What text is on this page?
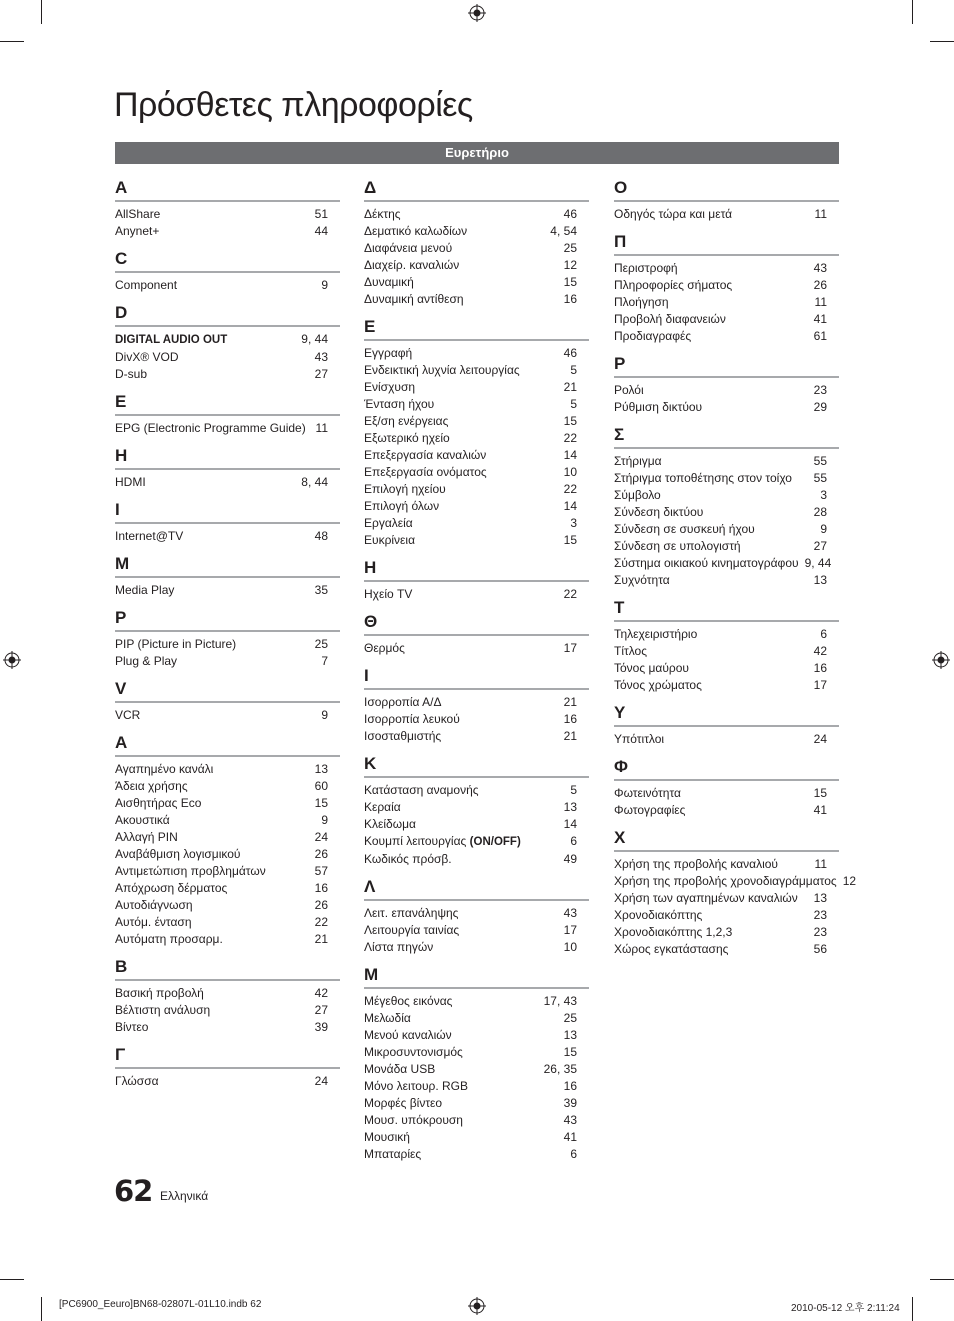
Πρόσθετες πληροφορίες
Ευρετήριο
A
AllShare	51
Anynet+	44
C
Component	9
D
DIGITAL AUDIO OUT	9, 44
DivX® VOD	43
D-sub	27
E
EPG (Electronic Programme Guide) 11
H
HDMI	8, 44
I
Internet@TV	48
M
Media Play	35
P
PIP (Picture in Picture)	25
Plug & Play	7
V
VCR	9
Α
Αγαπημένο κανάλι	13
Άδεια χρήσης	60
Αισθητήρας Eco	15
Ακουστικά	9
Αλλαγή PIN	24
Αναβάθμιση λογισμικού	26
Αντιμετώπιση προβλημάτων	57
Απόχρωση δέρματος	16
Αυτοδιάγνωση	26
Αυτόμ. ένταση	22
Αυτόματη προσαρμ.	21
Β
Βασική προβολή	42
Βέλτιστη ανάλυση	27
Βίντεο	39
Γ
Γλώσσα	24
Δ
Δέκτης	46
Δεματικό καλωδίων	4, 54
Διαφάνεια μενού	25
Διαχείρ. καναλιών	12
Δυναμική	15
Δυναμική αντίθεση	16
Ε
Εγγραφή	46
Ενδεικτική λυχνία λειτουργίας	5
Ενίσχυση	21
Ένταση ήχου	5
Εξ/ση ενέργειας	15
Εξωτερικό ηχείο	22
Επεξεργασία καναλιών	14
Επεξεργασία ονόματος	10
Επιλογή ηχείου	22
Επιλογή όλων	14
Εργαλεία	3
Ευκρίνεια	15
Η
Ηχείο TV	22
Θ
Θερμός	17
Ι
Ισορροπία Α/Δ	21
Ισορροπία λευκού	16
Ισοσταθμιστής	21
Κ
Κατάσταση αναμονής	5
Κεραία	13
Κλείδωμα	14
Κουμπί λειτουργίας (ON/OFF)	6
Κωδικός πρόσβ.	49
Λ
Λειτ. επανάληψης	43
Λειτουργία ταινίας	17
Λίστα πηγών	10
Μ
Μέγεθος εικόνας	17, 43
Μελωδία	25
Μενού καναλιών	13
Μικροσυντονισμός	15
Μονάδα USB	26, 35
Μόνο λειτουρ. RGB	16
Μορφές βίντεο	39
Μουσ. υπόκρουση	43
Μουσική	41
Μπαταρίες	6
Ο
Οδηγός τώρα και μετά	11
Π
Περιστροφή	43
Πληροφορίες σήματος	26
Πλοήγηση	11
Προβολή διαφανειών	41
Προδιαγραφές	61
Ρ
Ρολόι	23
Ρύθμιση δικτύου	29
Σ
Στήριγμα	55
Στήριγμα τοποθέτησης στον τοίχο	55
Σύμβολο	3
Σύνδεση δικτύου	28
Σύνδεση σε συσκευή ήχου	9
Σύνδεση σε υπολογιστή	27
Σύστημα οικιακού κινηματογράφου 9, 44
Συχνότητα	13
Τ
Τηλεχειριστήριο	6
Τίτλος	42
Τόνος μαύρου	16
Τόνος χρώματος	17
Υ
Υπότιτλοι	24
Φ
Φωτεινότητα	15
Φωτογραφίες	41
Χ
Χρήση της προβολής καναλιού	11
Χρήση της προβολής χρονοδιαγράμματος 12
Χρήση των αγαπημένων καναλιών	13
Χρονοδιακόπτης	23
Χρονοδιακόπτης 1,2,3	23
Χώρος εγκατάστασης	56
62 Ελληνικά
[PC6900_Eeuro]BN68-02807L-01L10.indb 62	2010-05-12 오후 2:11:24
